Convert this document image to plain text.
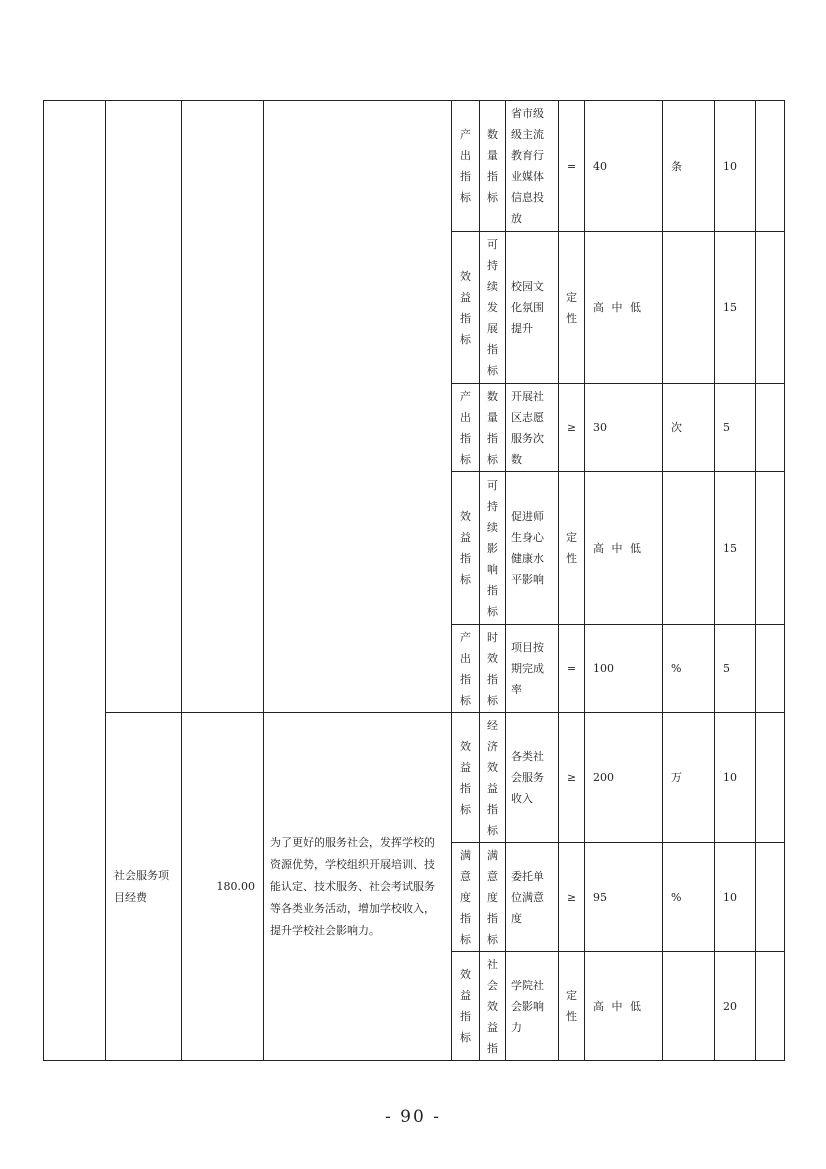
				产出指标	数量指标	省市级级主流教育行业媒体信息投放	=	40	条	10	

				效益指标	可持续发展指标	校园文化氛围提升	定性	高 中 低		15	

				产出指标	数量指标	开展社区志愿服务次数	≥	30	次	5	

				效益指标	可持续影响指标	促进师生身心健康水平影响	定性	高 中 低		15	

				产出指标	时效指标	项目按期完成率	=	100	%	5	
	社会服务项目经费	180.00	为了更好的服务社会，发挥学校的资源优势，学校组织开展培训、技能认定、技术服务、社会考试服务等各类业务活动，增加学校收入，提升学校社会影响力。	效益指标	经济效益指标	各类社会服务收入	≥	200	万	10	

				满意度指标	满意度指标	委托单位满意度	≥	95	%	10	

				效益指标	社会效益指	学院社会影响力	定性	高 中 低		20	
- 90 -
